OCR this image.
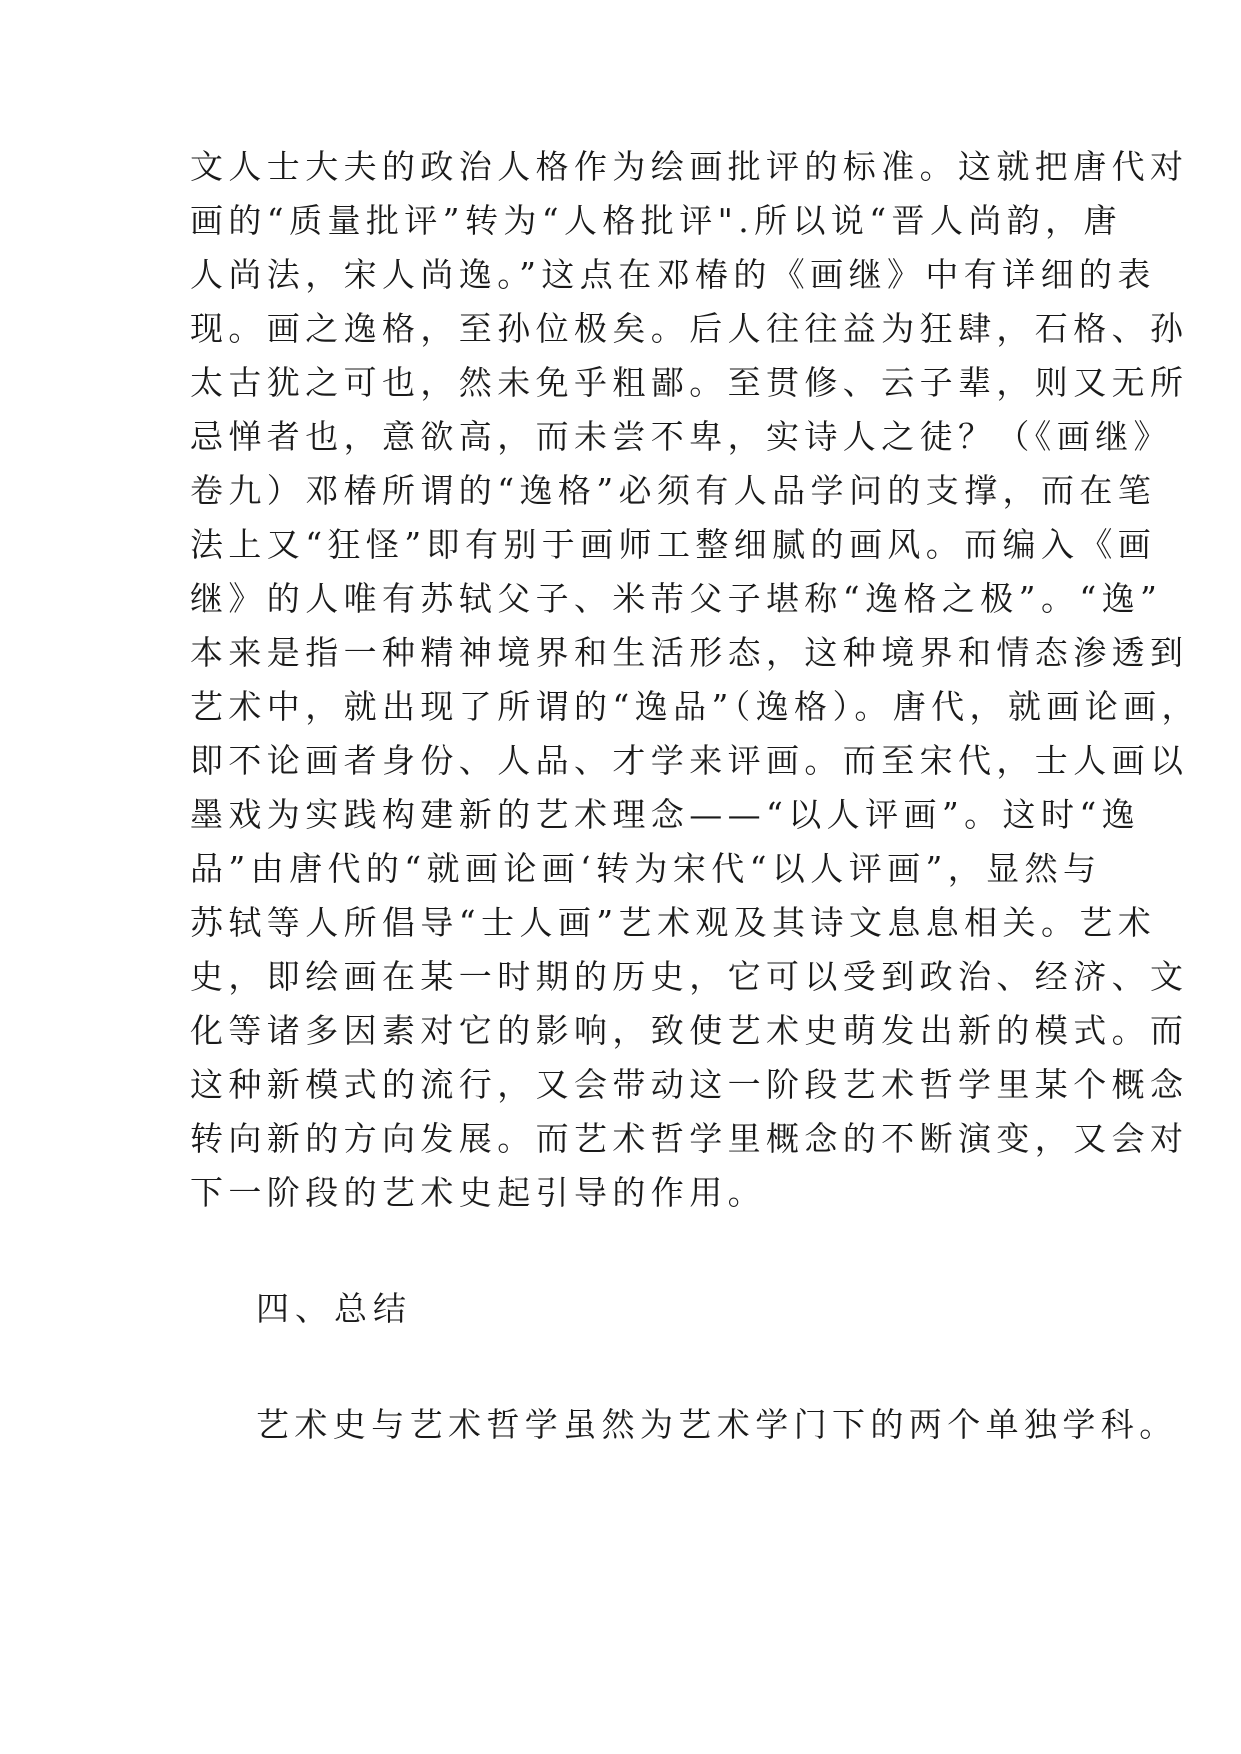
文人士大夫的政治人格作为绘画批评的标准。这就把唐代对
画的“质量批评”转为“人格批评".所以说“晋人尚韵，唐
人尚法，宋人尚逸。”这点在邓椿的《画继》中有详细的表
现。画之逸格，至孙位极矣。后人往往益为狂肆，石格、孙
太古犹之可也，然未免乎粗鄙。至贯修、云子辈，则又无所
忌惮者也，意欲高，而未尝不卑，实诗人之徒？（《画继》
卷九）邓椿所谓的“逸格”必须有人品学问的支撑，而在笔
法上又“狂怪”即有别于画师工整细腻的画风。而编入《画
继》的人唯有苏轼父子、米芾父子堪称“逸格之极”。“逸”
本来是指一种精神境界和生活形态，这种境界和情态渗透到
艺术中，就出现了所谓的“逸品”（逸格）。唐代，就画论画，
即不论画者身份、人品、才学来评画。而至宋代，士人画以
墨戏为实践构建新的艺术理念——“以人评画”。这时“逸
品”由唐代的“就画论画‘转为宋代“以人评画”，显然与
苏轼等人所倡导“士人画”艺术观及其诗文息息相关。艺术
史，即绘画在某一时期的历史，它可以受到政治、经济、文
化等诸多因素对它的影响，致使艺术史萌发出新的模式。而
这种新模式的流行，又会带动这一阶段艺术哲学里某个概念
转向新的方向发展。而艺术哲学里概念的不断演变，又会对
下一阶段的艺术史起引导的作用。
四、总结
艺术史与艺术哲学虽然为艺术学门下的两个单独学科。
